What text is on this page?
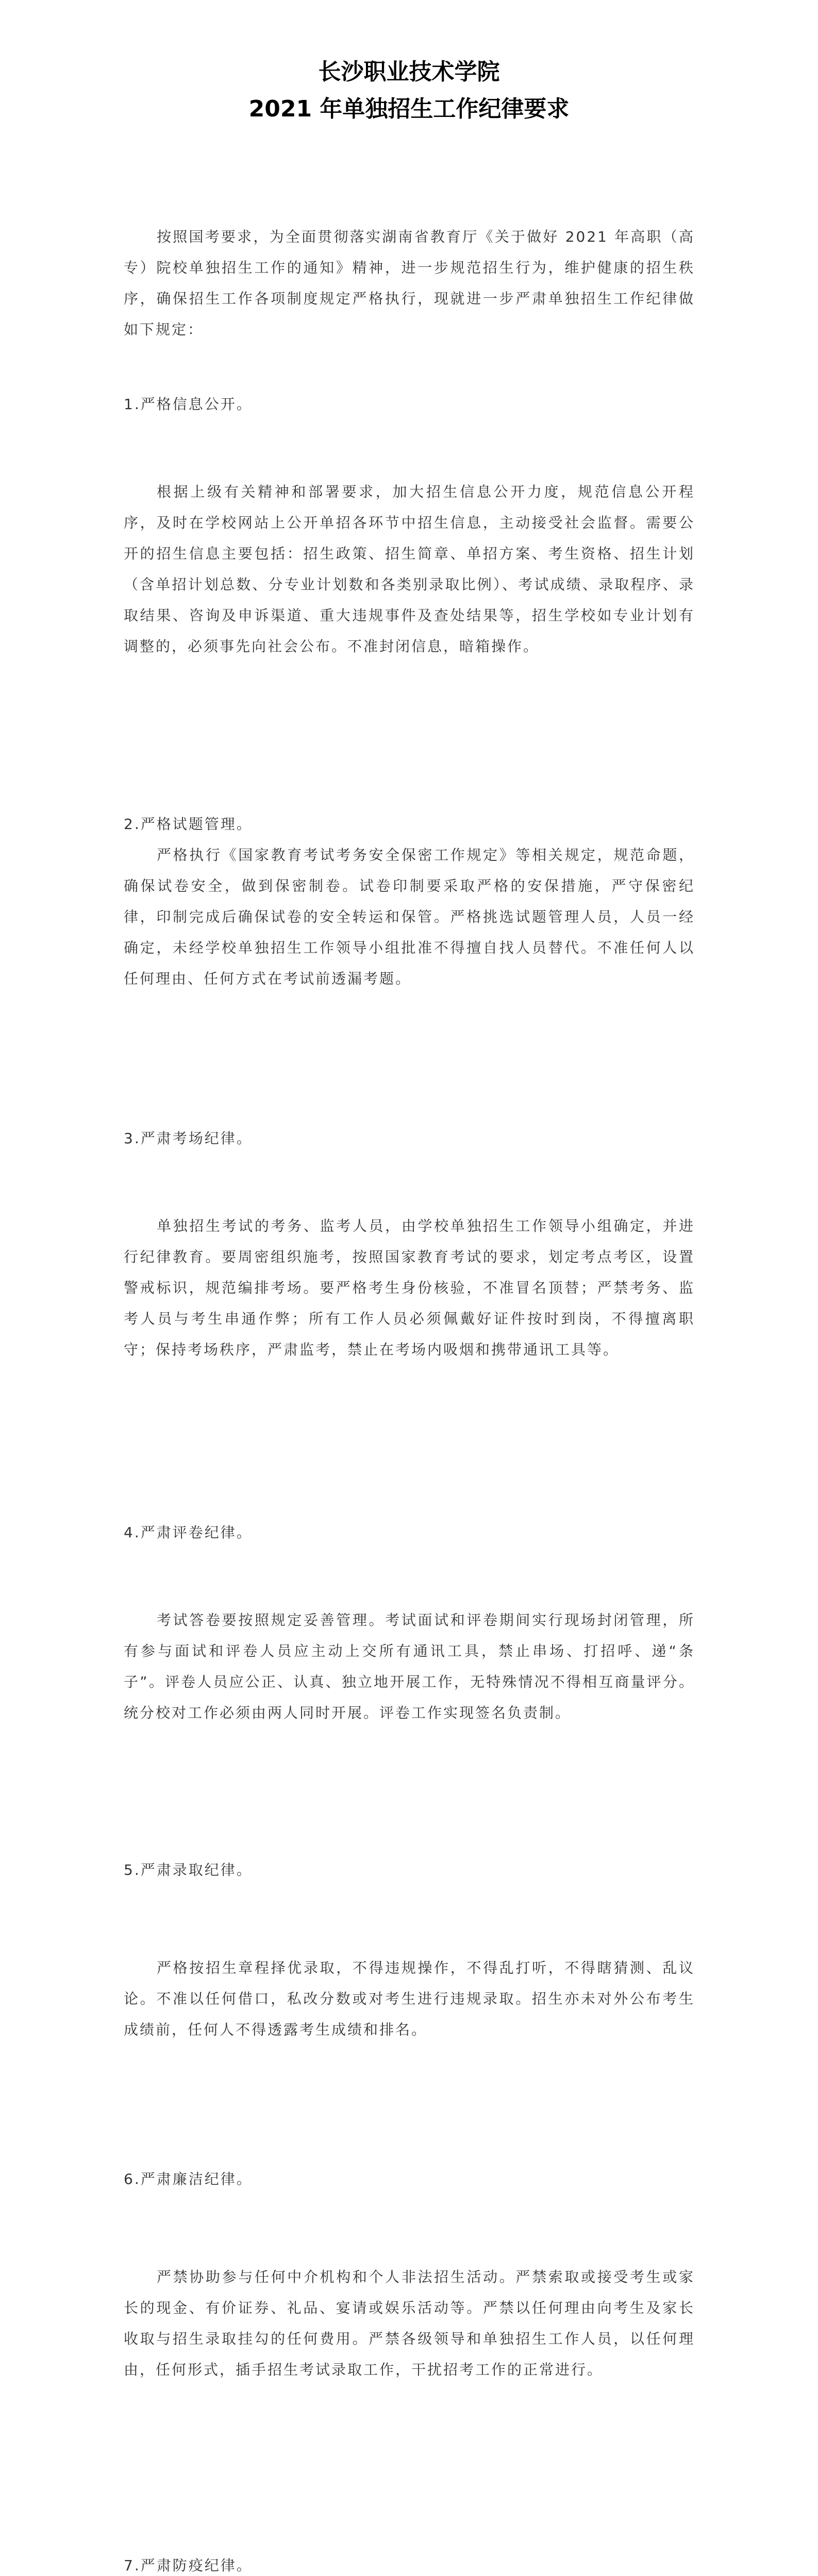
长沙职业技术学院
2021 年单独招生工作纪律要求

按照国考要求，为全面贯彻落实湖南省教育厅《关于做好 2021 年高职（高专）院校单独招生工作的通知》精神，进一步规范招生行为，维护健康的招生秩序，确保招生工作各项制度规定严格执行，现就进一步严肃单独招生工作纪律做如下规定：

1.严格信息公开。

根据上级有关精神和部署要求，加大招生信息公开力度，规范信息公开程序，及时在学校网站上公开单招各环节中招生信息，主动接受社会监督。需要公开的招生信息主要包括：招生政策、招生简章、单招方案、考生资格、招生计划（含单招计划总数、分专业计划数和各类别录取比例）、考试成绩、录取程序、录取结果、咨询及申诉渠道、重大违规事件及查处结果等，招生学校如专业计划有调整的，必须事先向社会公布。不准封闭信息，暗箱操作。

2.严格试题管理。

严格执行《国家教育考试考务安全保密工作规定》等相关规定，规范命题，确保试卷安全，做到保密制卷。试卷印制要采取严格的安保措施，严守保密纪律，印制完成后确保试卷的安全转运和保管。严格挑选试题管理人员，人员一经确定，未经学校单独招生工作领导小组批准不得擅自找人员替代。不准任何人以任何理由、任何方式在考试前透漏考题。

3.严肃考场纪律。

单独招生考试的考务、监考人员，由学校单独招生工作领导小组确定，并进行纪律教育。要周密组织施考，按照国家教育考试的要求，划定考点考区，设置警戒标识，规范编排考场。要严格考生身份核验，不准冒名顶替；严禁考务、监考人员与考生串通作弊；所有工作人员必须佩戴好证件按时到岗，不得擅离职守；保持考场秩序，严肃监考，禁止在考场内吸烟和携带通讯工具等。

4.严肃评卷纪律。

考试答卷要按照规定妥善管理。考试面试和评卷期间实行现场封闭管理，所有参与面试和评卷人员应主动上交所有通讯工具，禁止串场、打招呼、递“条子”。评卷人员应公正、认真、独立地开展工作，无特殊情况不得相互商量评分。统分校对工作必须由两人同时开展。评卷工作实现签名负责制。

5.严肃录取纪律。

严格按招生章程择优录取，不得违规操作，不得乱打听，不得瞎猜测、乱议论。不准以任何借口，私改分数或对考生进行违规录取。招生亦未对外公布考生成绩前，任何人不得透露考生成绩和排名。

6.严肃廉洁纪律。

严禁协助参与任何中介机构和个人非法招生活动。严禁索取或接受考生或家长的现金、有价证券、礼品、宴请或娱乐活动等。严禁以任何理由向考生及家长收取与招生录取挂勾的任何费用。严禁各级领导和单独招生工作人员，以任何理由，任何形式，插手招生考试录取工作，干扰招考工作的正常进行。

7.严肃防疫纪律。
